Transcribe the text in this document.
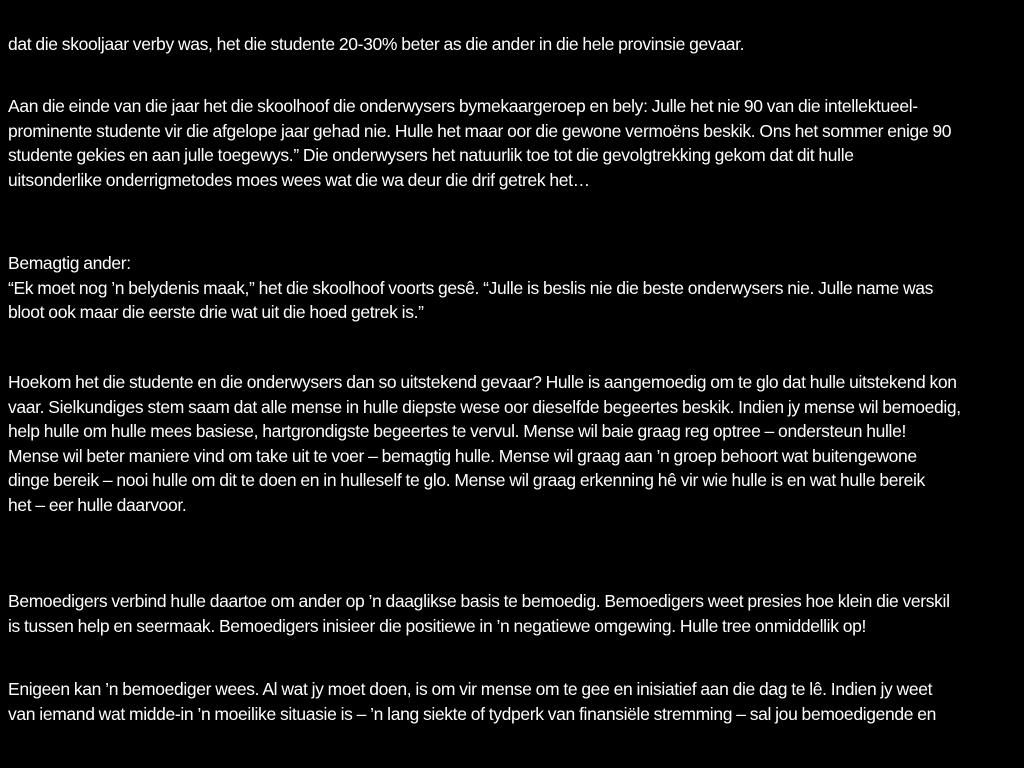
dat die skooljaar verby was, het die studente 20-30% beter as die ander in die hele provinsie gevaar.
Aan die einde van die jaar het die skoolhoof die onderwysers bymekaargeroep en bely: Julle het nie 90 van die intellektueel-
prominente studente vir die afgelope jaar gehad nie. Hulle het maar oor die gewone vermoëns beskik. Ons het sommer enige 90
studente gekies en aan julle toegewys.” Die onderwysers het natuurlik toe tot die gevolgtrekking gekom dat dit hulle
uitsonderlike onderrigmetodes moes wees wat die wa deur die drif getrek het…
Bemagtig ander:
“Ek moet nog ’n belydenis maak,” het die skoolhoof voorts gesê. “Julle is beslis nie die beste onderwysers nie. Julle name was
bloot ook maar die eerste drie wat uit die hoed getrek is.”
Hoekom het die studente en die onderwysers dan so uitstekend gevaar? Hulle is aangemoedig om te glo dat hulle uitstekend kon
vaar. Sielkundiges stem saam dat alle mense in hulle diepste wese oor dieselfde begeertes beskik. Indien jy mense wil bemoedig,
help hulle om hulle mees basiese, hartgrondigste begeertes te vervul. Mense wil baie graag reg optree – ondersteun hulle!
Mense wil beter maniere vind om take uit te voer – bemagtig hulle. Mense wil graag aan ’n groep behoort wat buitengewone
dinge bereik – nooi hulle om dit te doen en in hulleself te glo. Mense wil graag erkenning hê vir wie hulle is en wat hulle bereik
het – eer hulle daarvoor.
Bemoedigers verbind hulle daartoe om ander op ’n daaglikse basis te bemoedig. Bemoedigers weet presies hoe klein die verskil
is tussen help en seermaak. Bemoedigers inisieer die positiewe in ’n negatiewe omgewing. Hulle tree onmiddellik op!
Enigeen kan ’n bemoediger wees. Al wat jy moet doen, is om vir mense om te gee en inisiatief aan die dag te lê. Indien jy weet
van iemand wat midde-in ’n moeilike situasie is – ’n lang siekte of tydperk van finansiële stremming – sal jou bemoedigende en
